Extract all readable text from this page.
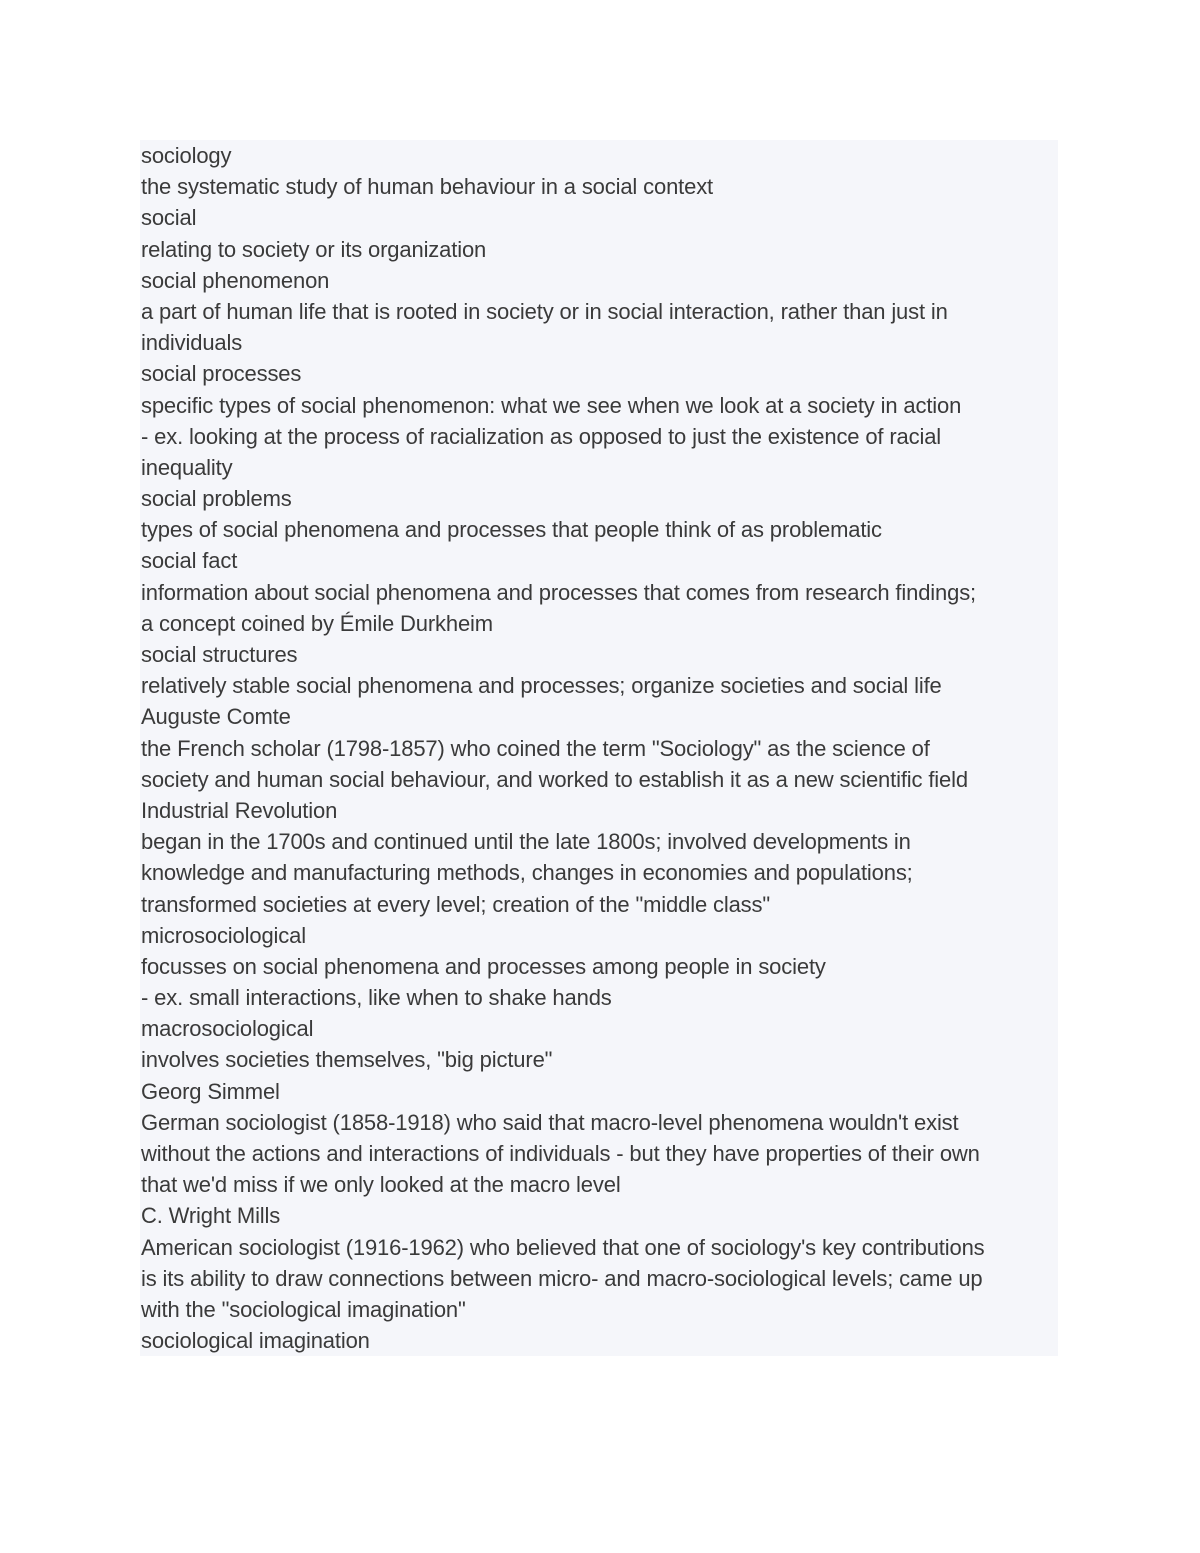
sociology
the systematic study of human behaviour in a social context
social
relating to society or its organization
social phenomenon
a part of human life that is rooted in society or in social interaction, rather than just in
individuals
social processes
specific types of social phenomenon: what we see when we look at a society in action
- ex. looking at the process of racialization as opposed to just the existence of racial
inequality
social problems
types of social phenomena and processes that people think of as problematic
social fact
information about social phenomena and processes that comes from research findings;
a concept coined by Émile Durkheim
social structures
relatively stable social phenomena and processes; organize societies and social life
Auguste Comte
the French scholar (1798-1857) who coined the term "Sociology" as the science of
society and human social behaviour, and worked to establish it as a new scientific field
Industrial Revolution
began in the 1700s and continued until the late 1800s; involved developments in
knowledge and manufacturing methods, changes in economies and populations;
transformed societies at every level; creation of the "middle class"
microsociological
focusses on social phenomena and processes among people in society
- ex. small interactions, like when to shake hands
macrosociological
involves societies themselves, "big picture"
Georg Simmel
German sociologist (1858-1918) who said that macro-level phenomena wouldn't exist
without the actions and interactions of individuals - but they have properties of their own
that we'd miss if we only looked at the macro level
C. Wright Mills
American sociologist (1916-1962) who believed that one of sociology's key contributions
is its ability to draw connections between micro- and macro-sociological levels; came up
with the "sociological imagination"
sociological imagination
